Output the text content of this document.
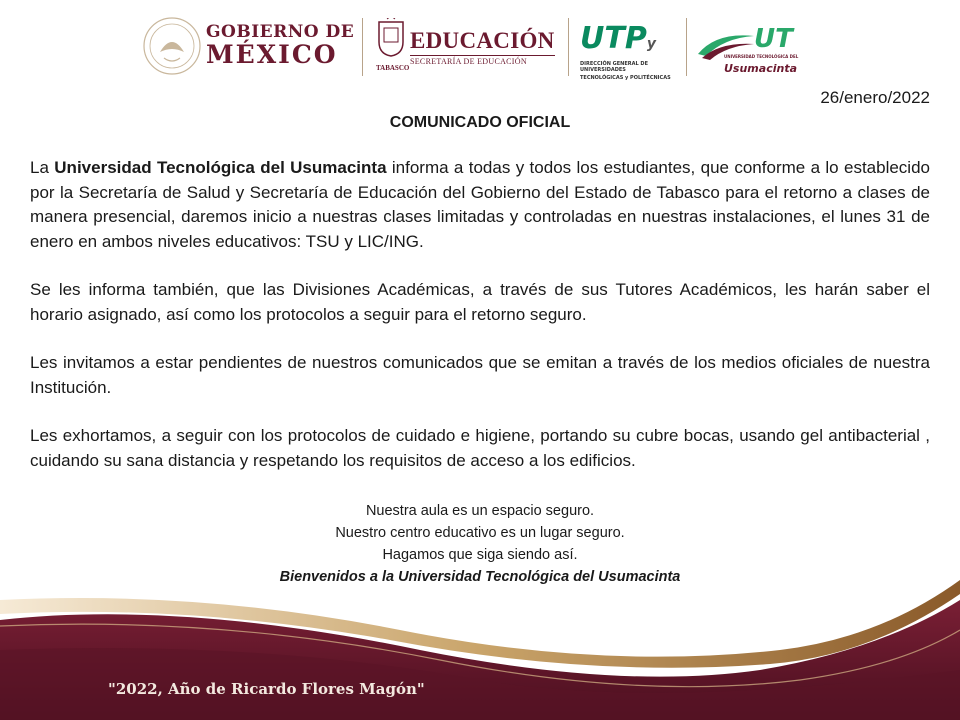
GOBIERNO DE
MÉXICO	TABASCO
EDUCACIÓN
SECRETARÍA DE EDUCACIÓN
UTPy
DIRECCIÓN GENERAL DE UNIVERSIDADES
TECNOLÓGICAS y POLITÉCNICAS
UT
UNIVERSIDAD TECNOLÓGICA DEL
Usumacinta
26/enero/2022
COMUNICADO OFICIAL

La Universidad Tecnológica del Usumacinta informa a todas y todos los estudiantes, que conforme a lo establecido por la Secretaría de Salud y Secretaría de Educación del Gobierno del Estado de Tabasco para el retorno a clases de manera presencial, daremos inicio a nuestras clases limitadas y controladas en nuestras instalaciones, el lunes 31 de enero en ambos niveles educativos: TSU y LIC/ING.

Se les informa también, que las Divisiones Académicas, a través de sus Tutores Académicos, les harán saber el horario asignado, así como los protocolos a seguir para el retorno seguro.

Les invitamos a estar pendientes de nuestros comunicados que se emitan a través de los medios oficiales de nuestra Institución.

Les exhortamos, a seguir con los protocolos de cuidado e higiene, portando su cubre bocas, usando gel antibacterial , cuidando su sana distancia y respetando los requisitos de acceso a los edificios.

Nuestra aula es un espacio seguro.
Nuestro centro educativo es un lugar seguro.
Hagamos que siga siendo así.
Bienvenidos a la Universidad Tecnológica del Usumacinta
"2022, Año de Ricardo Flores Magón"
